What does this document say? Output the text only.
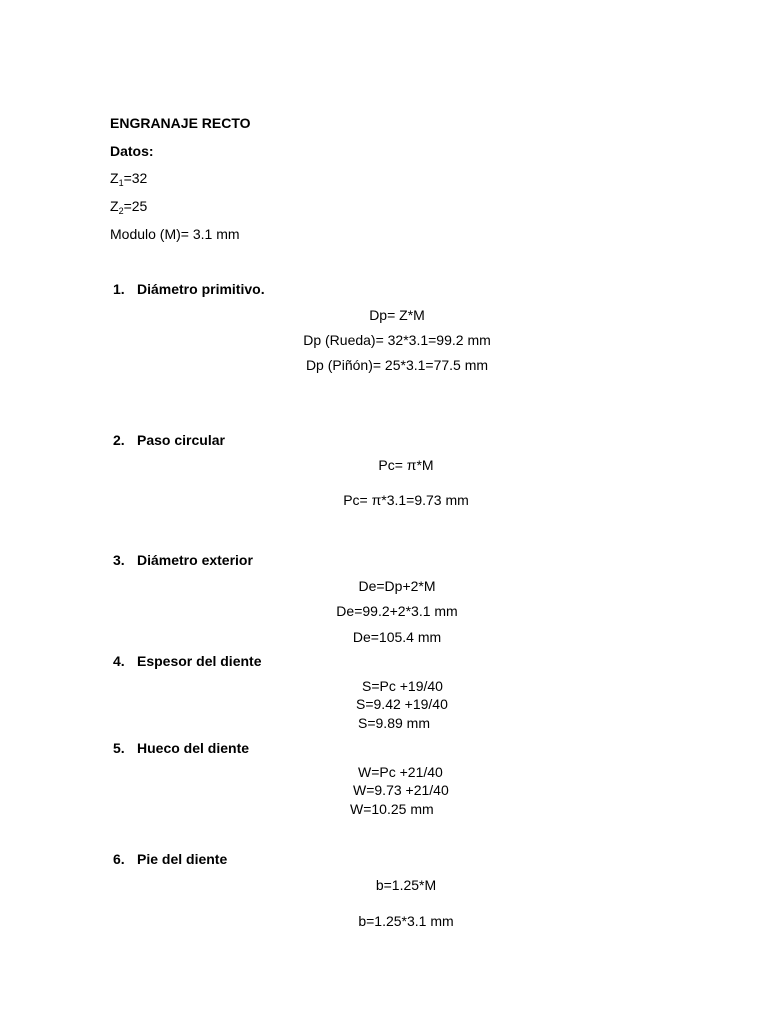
ENGRANAJE RECTO
Datos:
$Z_1=32$
$Z_2=25$
Modulo (M)= 3.1 mm
1. Diámetro primitivo.
Dp= Z*M
Dp (Rueda)= 32*3.1=99.2 mm
Dp (Piñón)= 25*3.1=77.5 mm
2. Paso circular
Pc= π*M
Pc= π*3.1=9.73 mm
3. Diámetro exterior
De=Dp+2*M
De=99.2+2*3.1 mm
De=105.4 mm
4. Espesor del diente
S=Pc +19/40
S=9.42 +19/40
S=9.89 mm
5. Hueco del diente
W=Pc +21/40
W=9.73 +21/40
W=10.25 mm
6. Pie del diente
b=1.25*M
b=1.25*3.1 mm
